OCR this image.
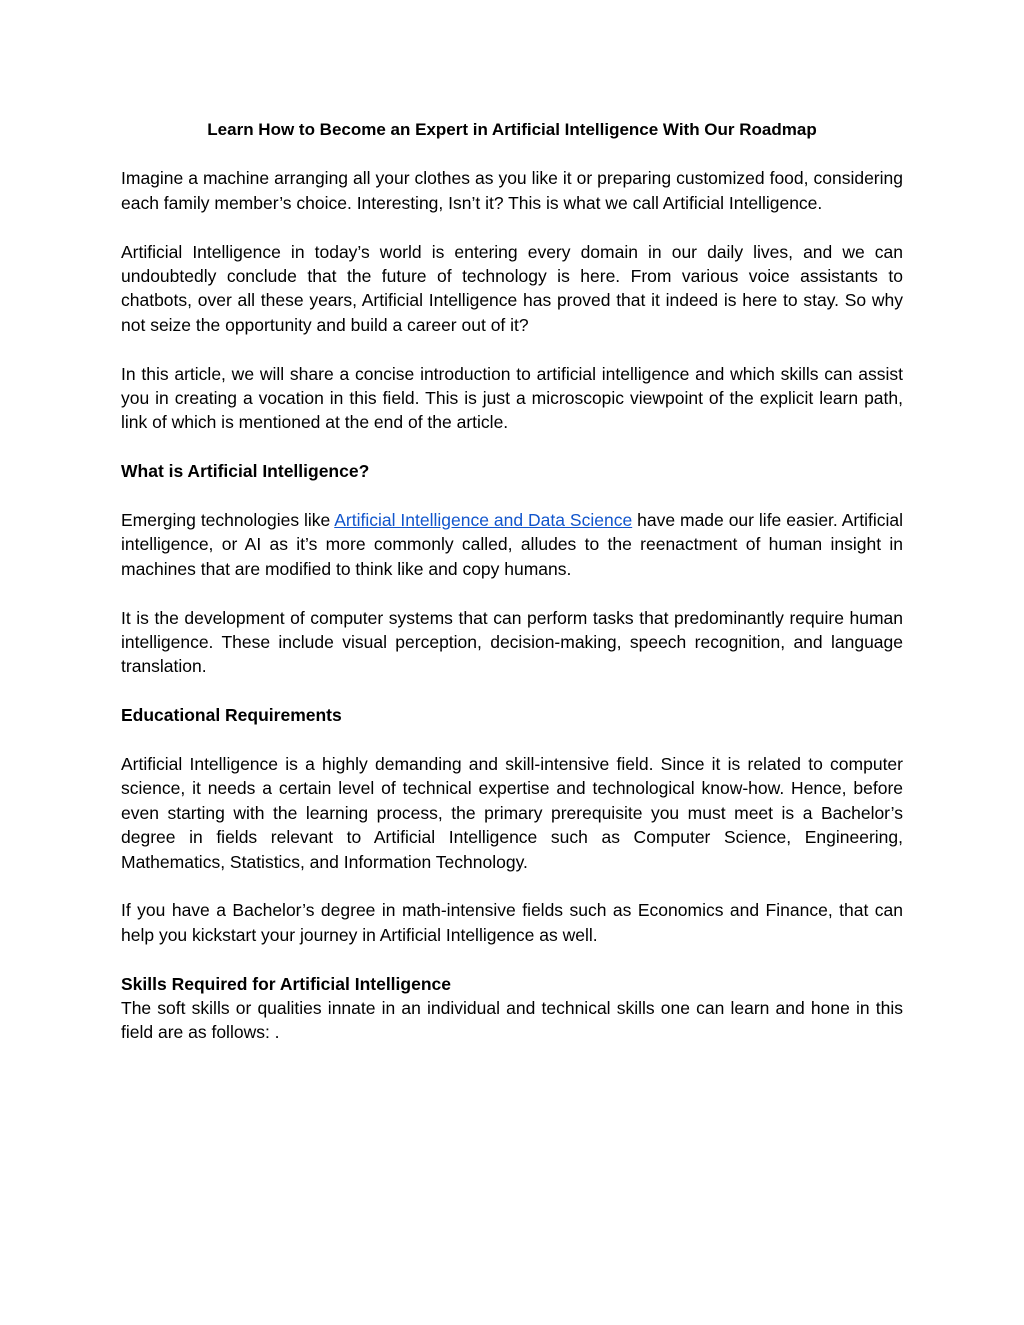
Learn How to Become an Expert in Artificial Intelligence With Our Roadmap

Imagine a machine arranging all your clothes as you like it or preparing customized food, considering each family member’s choice. Interesting, Isn’t it? This is what we call Artificial Intelligence.

Artificial Intelligence in today’s world is entering every domain in our daily lives, and we can undoubtedly conclude that the future of technology is here. From various voice assistants to chatbots, over all these years, Artificial Intelligence has proved that it indeed is here to stay. So why not seize the opportunity and build a career out of it?

In this article, we will share a concise introduction to artificial intelligence and which skills can assist you in creating a vocation in this field. This is just a microscopic viewpoint of the explicit learn path, link of which is mentioned at the end of the article.

What is Artificial Intelligence?

Emerging technologies like Artificial Intelligence and Data Science have made our life easier. Artificial intelligence, or AI as it’s more commonly called, alludes to the reenactment of human insight in machines that are modified to think like and copy humans.

It is the development of computer systems that can perform tasks that predominantly require human intelligence. These include visual perception, decision-making, speech recognition, and language translation.

Educational Requirements

Artificial Intelligence is a highly demanding and skill-intensive field. Since it is related to computer science, it needs a certain level of technical expertise and technological know-how. Hence, before even starting with the learning process, the primary prerequisite you must meet is a Bachelor’s degree in fields relevant to Artificial Intelligence such as Computer Science, Engineering, Mathematics, Statistics, and Information Technology.

If you have a Bachelor’s degree in math-intensive fields such as Economics and Finance, that can help you kickstart your journey in Artificial Intelligence as well.

Skills Required for Artificial Intelligence

The soft skills or qualities innate in an individual and technical skills one can learn and hone in this field are as follows: .
